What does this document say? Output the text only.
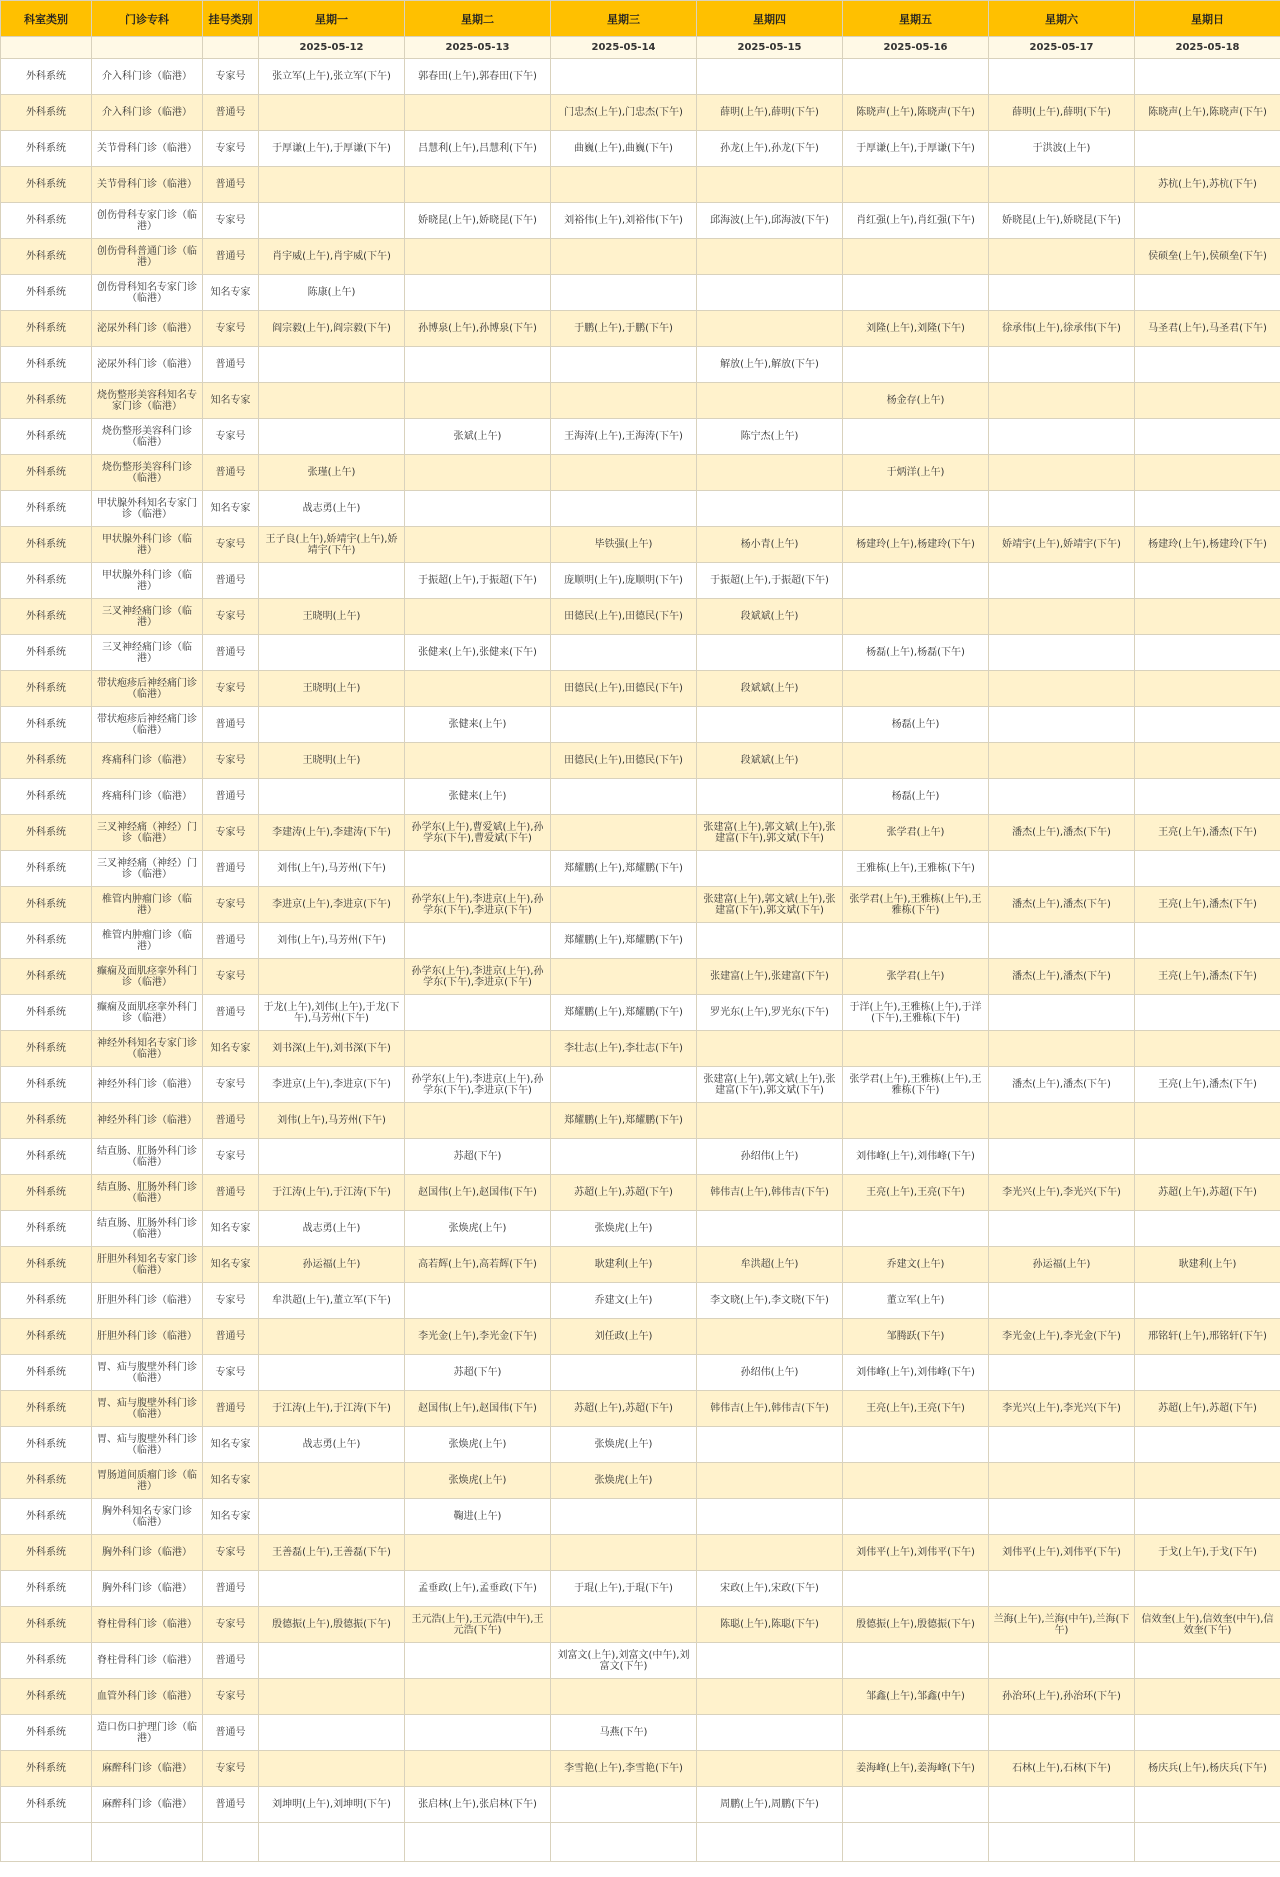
科室类别	门诊专科	挂号类别	星期一	星期二	星期三	星期四	星期五	星期六	星期日
			2025-05-12	2025-05-13	2025-05-14	2025-05-15	2025-05-16	2025-05-17	2025-05-18
外科系统	介入科门诊（临港）	专家号	张立军(上午),张立军(下午)	郭春田(上午),郭春田(下午)					
外科系统	介入科门诊（临港）	普通号			门忠杰(上午),门忠杰(下午)	薛明(上午),薛明(下午)	陈晓声(上午),陈晓声(下午)	薛明(上午),薛明(下午)	陈晓声(上午),陈晓声(下午)
外科系统	关节骨科门诊（临港）	专家号	于厚谦(上午),于厚谦(下午)	吕慧利(上午),吕慧利(下午)	曲巍(上午),曲巍(下午)	孙龙(上午),孙龙(下午)	于厚谦(上午),于厚谦(下午)	于洪波(上午)	
外科系统	关节骨科门诊（临港）	普通号							苏杭(上午),苏杭(下午)
外科系统	创伤骨科专家门诊（临港）	专家号		娇晓昆(上午),娇晓昆(下午)	刘裕伟(上午),刘裕伟(下午)	邱海波(上午),邱海波(下午)	肖红强(上午),肖红强(下午)	娇晓昆(上午),娇晓昆(下午)	
外科系统	创伤骨科普通门诊（临港）	普通号	肖宇威(上午),肖宇威(下午)						侯硕垒(上午),侯硕垒(下午)
外科系统	创伤骨科知名专家门诊（临港）	知名专家	陈康(上午)						
外科系统	泌尿外科门诊（临港）	专家号	阎宗毅(上午),阎宗毅(下午)	孙博泉(上午),孙博泉(下午)	于鹏(上午),于鹏(下午)		刘隆(上午),刘隆(下午)	徐承伟(上午),徐承伟(下午)	马圣君(上午),马圣君(下午)
外科系统	泌尿外科门诊（临港）	普通号				解放(上午),解放(下午)			
外科系统	烧伤整形美容科知名专家门诊（临港）	知名专家					杨金存(上午)		
外科系统	烧伤整形美容科门诊（临港）	专家号		张斌(上午)	王海涛(上午),王海涛(下午)	陈宁杰(上午)			
外科系统	烧伤整形美容科门诊（临港）	普通号	张瑾(上午)				于炳洋(上午)		
外科系统	甲状腺外科知名专家门诊（临港）	知名专家	战志勇(上午)						
外科系统	甲状腺外科门诊（临港）	专家号	王子良(上午),娇靖宇(上午),娇靖宇(下午)		毕铁强(上午)	杨小青(上午)	杨建玲(上午),杨建玲(下午)	娇靖宇(上午),娇靖宇(下午)	杨建玲(上午),杨建玲(下午)
外科系统	甲状腺外科门诊（临港）	普通号		于振超(上午),于振超(下午)	庞顺明(上午),庞顺明(下午)	于振超(上午),于振超(下午)			
外科系统	三叉神经痛门诊（临港）	专家号	王晓明(上午)		田德民(上午),田德民(下午)	段斌斌(上午)			
外科系统	三叉神经痛门诊（临港）	普通号		张健来(上午),张健来(下午)			杨磊(上午),杨磊(下午)		
外科系统	带状疱疹后神经痛门诊（临港）	专家号	王晓明(上午)		田德民(上午),田德民(下午)	段斌斌(上午)			
外科系统	带状疱疹后神经痛门诊（临港）	普通号		张健来(上午)			杨磊(上午)		
外科系统	疼痛科门诊（临港）	专家号	王晓明(上午)		田德民(上午),田德民(下午)	段斌斌(上午)			
外科系统	疼痛科门诊（临港）	普通号		张健来(上午)			杨磊(上午)		
外科系统	三叉神经痛（神经）门诊（临港）	专家号	李建涛(上午),李建涛(下午)	孙学东(上午),曹爱斌(上午),孙学东(下午),曹爱斌(下午)		张建富(上午),郭文斌(上午),张建富(下午),郭文斌(下午)	张学君(上午)	潘杰(上午),潘杰(下午)	王亮(上午),潘杰(下午)
外科系统	三叉神经痛（神经）门诊（临港）	普通号	刘伟(上午),马芳州(下午)		郑耀鹏(上午),郑耀鹏(下午)		王雅栋(上午),王雅栋(下午)		
外科系统	椎管内肿瘤门诊（临港）	专家号	李进京(上午),李进京(下午)	孙学东(上午),李进京(上午),孙学东(下午),李进京(下午)		张建富(上午),郭文斌(上午),张建富(下午),郭文斌(下午)	张学君(上午),王雅栋(上午),王雅栋(下午)	潘杰(上午),潘杰(下午)	王亮(上午),潘杰(下午)
外科系统	椎管内肿瘤门诊（临港）	普通号	刘伟(上午),马芳州(下午)		郑耀鹏(上午),郑耀鹏(下午)				
外科系统	癫痫及面肌痉挛外科门诊（临港）	专家号		孙学东(上午),李进京(上午),孙学东(下午),李进京(下午)		张建富(上午),张建富(下午)	张学君(上午)	潘杰(上午),潘杰(下午)	王亮(上午),潘杰(下午)
外科系统	癫痫及面肌痉挛外科门诊（临港）	普通号	于龙(上午),刘伟(上午),于龙(下午),马芳州(下午)		郑耀鹏(上午),郑耀鹏(下午)	罗光东(上午),罗光东(下午)	于洋(上午),王雅栋(上午),于洋(下午),王雅栋(下午)		
外科系统	神经外科知名专家门诊（临港）	知名专家	刘书深(上午),刘书深(下午)		李壮志(上午),李壮志(下午)				
外科系统	神经外科门诊（临港）	专家号	李进京(上午),李进京(下午)	孙学东(上午),李进京(上午),孙学东(下午),李进京(下午)		张建富(上午),郭文斌(上午),张建富(下午),郭文斌(下午)	张学君(上午),王雅栋(上午),王雅栋(下午)	潘杰(上午),潘杰(下午)	王亮(上午),潘杰(下午)
外科系统	神经外科门诊（临港）	普通号	刘伟(上午),马芳州(下午)		郑耀鹏(上午),郑耀鹏(下午)				
外科系统	结直肠、肛肠外科门诊（临港）	专家号		苏超(下午)		孙绍伟(上午)	刘伟峰(上午),刘伟峰(下午)		
外科系统	结直肠、肛肠外科门诊（临港）	普通号	于江涛(上午),于江涛(下午)	赵国伟(上午),赵国伟(下午)	苏超(上午),苏超(下午)	韩伟吉(上午),韩伟吉(下午)	王亮(上午),王亮(下午)	李光兴(上午),李光兴(下午)	苏超(上午),苏超(下午)
外科系统	结直肠、肛肠外科门诊（临港）	知名专家	战志勇(上午)	张焕虎(上午)	张焕虎(上午)				
外科系统	肝胆外科知名专家门诊（临港）	知名专家	孙运福(上午)	高若辉(上午),高若辉(下午)	耿建利(上午)	牟洪超(上午)	乔建文(上午)	孙运福(上午)	耿建利(上午)
外科系统	肝胆外科门诊（临港）	专家号	牟洪超(上午),董立军(下午)		乔建文(上午)	李文晓(上午),李文晓(下午)	董立军(上午)		
外科系统	肝胆外科门诊（临港）	普通号		李光金(上午),李光金(下午)	刘任政(上午)		邹腾跃(下午)	李光金(上午),李光金(下午)	邢铭轩(上午),邢铭轩(下午)
外科系统	胃、疝与腹壁外科门诊（临港）	专家号		苏超(下午)		孙绍伟(上午)	刘伟峰(上午),刘伟峰(下午)		
外科系统	胃、疝与腹壁外科门诊（临港）	普通号	于江涛(上午),于江涛(下午)	赵国伟(上午),赵国伟(下午)	苏超(上午),苏超(下午)	韩伟吉(上午),韩伟吉(下午)	王亮(上午),王亮(下午)	李光兴(上午),李光兴(下午)	苏超(上午),苏超(下午)
外科系统	胃、疝与腹壁外科门诊（临港）	知名专家	战志勇(上午)	张焕虎(上午)	张焕虎(上午)				
外科系统	胃肠道间质瘤门诊（临港）	知名专家		张焕虎(上午)	张焕虎(上午)				
外科系统	胸外科知名专家门诊（临港）	知名专家		鞠进(上午)					
外科系统	胸外科门诊（临港）	专家号	王善磊(上午),王善磊(下午)				刘伟平(上午),刘伟平(下午)	刘伟平(上午),刘伟平(下午)	于戈(上午),于戈(下午)
外科系统	胸外科门诊（临港）	普通号		孟垂政(上午),孟垂政(下午)	于琨(上午),于琨(下午)	宋政(上午),宋政(下午)			
外科系统	脊柱骨科门诊（临港）	专家号	殷德振(上午),殷德振(下午)	王元浩(上午),王元浩(中午),王元浩(下午)		陈聪(上午),陈聪(下午)	殷德振(上午),殷德振(下午)	兰海(上午),兰海(中午),兰海(下午)	信效奎(上午),信效奎(中午),信效奎(下午)
外科系统	脊柱骨科门诊（临港）	普通号			刘富文(上午),刘富文(中午),刘富文(下午)				
外科系统	血管外科门诊（临港）	专家号					邹鑫(上午),邹鑫(中午)	孙治环(上午),孙治环(下午)	
外科系统	造口伤口护理门诊（临港）	普通号			马燕(下午)				
外科系统	麻醉科门诊（临港）	专家号			李雪艳(上午),李雪艳(下午)		姜海峰(上午),姜海峰(下午)	石林(上午),石林(下午)	杨庆兵(上午),杨庆兵(下午)
外科系统	麻醉科门诊（临港）	普通号	刘坤明(上午),刘坤明(下午)	张启林(上午),张启林(下午)		周鹏(上午),周鹏(下午)			
